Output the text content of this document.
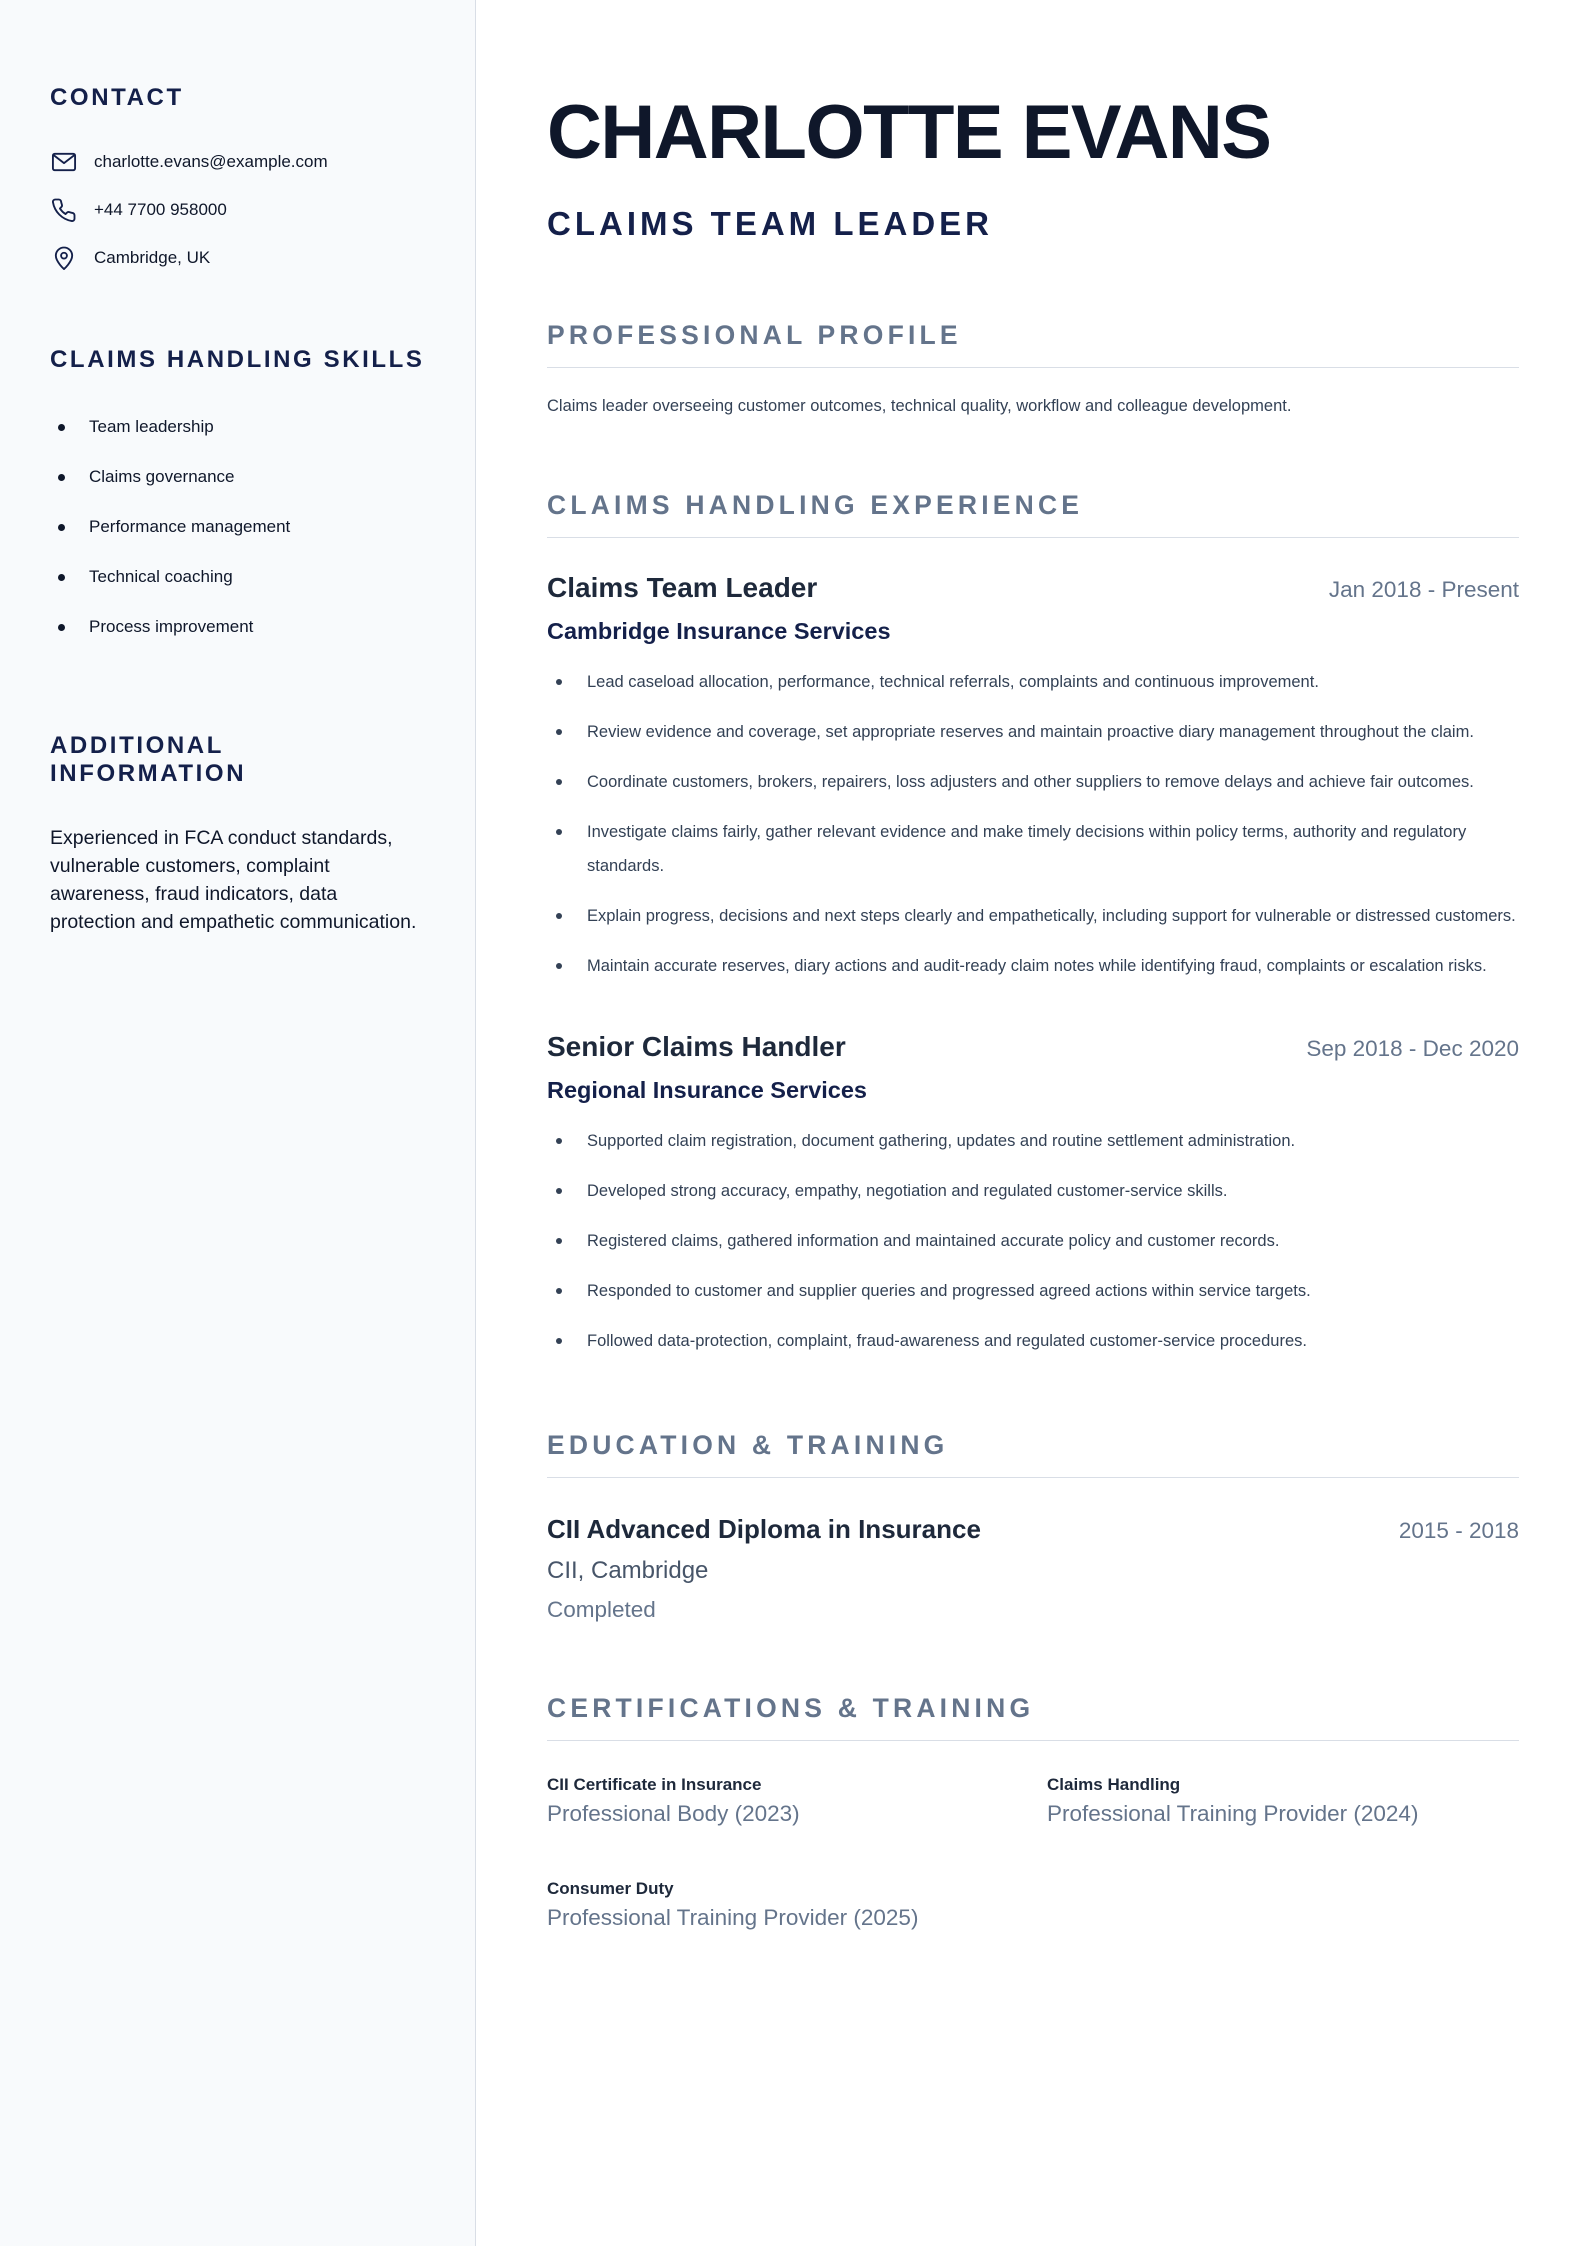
CONTACT
charlotte.evans@example.com
+44 7700 958000
Cambridge, UK
CLAIMS HANDLING SKILLS
Team leadership
Claims governance
Performance management
Technical coaching
Process improvement
ADDITIONAL INFORMATION

Experienced in FCA conduct standards, vulnerable customers, complaint awareness, fraud indicators, data protection and empathetic communication.

CHARLOTTE EVANS
CLAIMS TEAM LEADER
PROFESSIONAL PROFILE

Claims leader overseeing customer outcomes, technical quality, workflow and colleague development.

CLAIMS HANDLING EXPERIENCE
Claims Team Leader	Jan 2018 - Present
Cambridge Insurance Services
Lead caseload allocation, performance, technical referrals, complaints and continuous improvement.
Review evidence and coverage, set appropriate reserves and maintain proactive diary management throughout the claim.
Coordinate customers, brokers, repairers, loss adjusters and other suppliers to remove delays and achieve fair outcomes.
Investigate claims fairly, gather relevant evidence and make timely decisions within policy terms, authority and regulatory standards.
Explain progress, decisions and next steps clearly and empathetically, including support for vulnerable or distressed customers.
Maintain accurate reserves, diary actions and audit-ready claim notes while identifying fraud, complaints or escalation risks.
Senior Claims Handler	Sep 2018 - Dec 2020
Regional Insurance Services
Supported claim registration, document gathering, updates and routine settlement administration.
Developed strong accuracy, empathy, negotiation and regulated customer-service skills.
Registered claims, gathered information and maintained accurate policy and customer records.
Responded to customer and supplier queries and progressed agreed actions within service targets.
Followed data-protection, complaint, fraud-awareness and regulated customer-service procedures.
EDUCATION & TRAINING
CII Advanced Diploma in Insurance	2015 - 2018
CII, Cambridge
Completed
CERTIFICATIONS & TRAINING
CII Certificate in Insurance
Professional Body (2023)
Claims Handling
Professional Training Provider (2024)
Consumer Duty
Professional Training Provider (2025)
